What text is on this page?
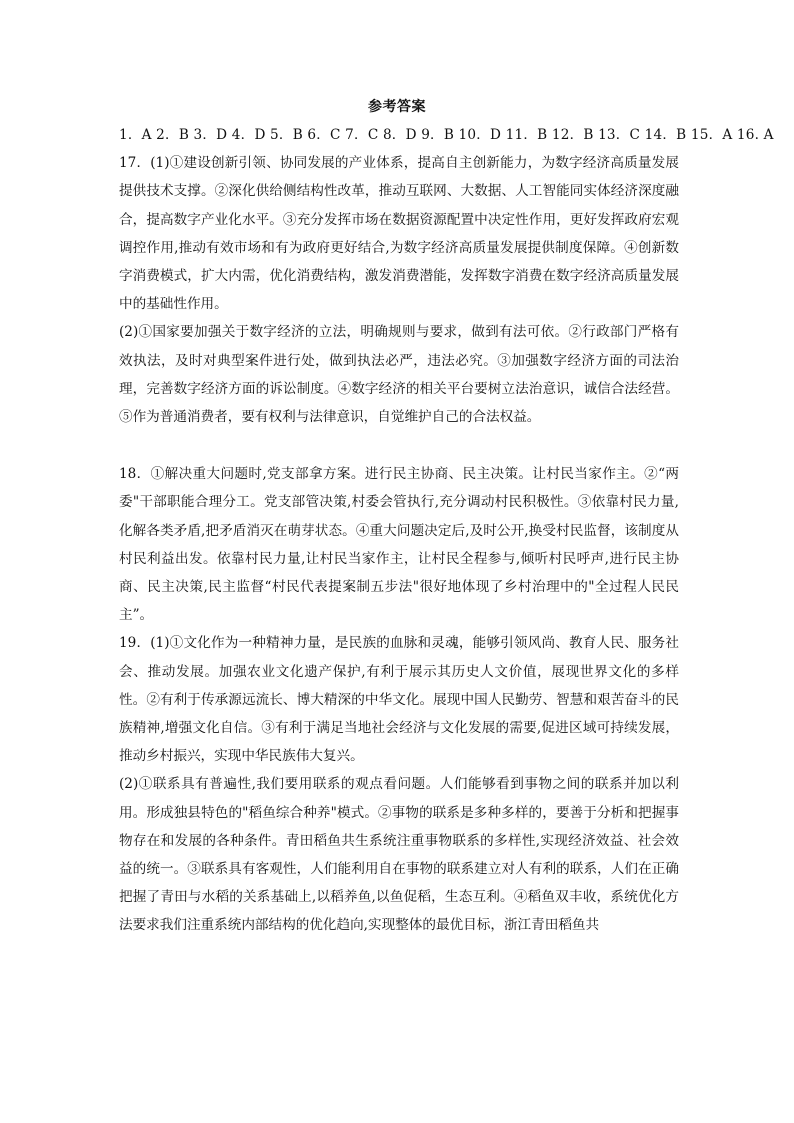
参考答案

1．A 2．B 3．D 4．D 5．B 6．C 7．C 8．D 9．B 10．D 11．B 12．B 13．C 14．B 15．A 16. A

17．(1)①建设创新引领、协同发展的产业体系，提高自主创新能力，为数字经济高质量发展提供技术支撑。②深化供给侧结构性改革，推动互联网、大数据、人工智能同实体经济深度融合，提高数字产业化水平。③充分发挥市场在数据资源配置中决定性作用，更好发挥政府宏观调控作用,推动有效市场和有为政府更好结合,为数字经济高质量发展提供制度保障。④创新数字消费模式，扩大内需，优化消费结构，激发消费潜能，发挥数字消费在数字经济高质量发展中的基础性作用。

(2)①国家要加强关于数字经济的立法，明确规则与要求，做到有法可依。②行政部门严格有效执法，及时对典型案件进行处，做到执法必严，违法必究。③加强数字经济方面的司法治理，完善数字经济方面的诉讼制度。④数字经济的相关平台要树立法治意识，诚信合法经营。⑤作为普通消费者，要有权利与法律意识，自觉维护自己的合法权益。

18．①解决重大问题时,党支部拿方案。进行民主协商、民主决策。让村民当家作主。②“两委"干部职能合理分工。党支部管决策,村委会管执行,充分调动村民积极性。③依靠村民力量,化解各类矛盾,把矛盾消灭在萌芽状态。④重大问题决定后,及时公开,换受村民监督，该制度从村民利益出发。依靠村民力量,让村民当家作主，让村民全程参与,倾听村民呼声,进行民主协商、民主决策,民主监督“村民代表提案制五步法"很好地体现了乡村治理中的"全过程人民民主”。

19．(1)①文化作为一种精神力量，是民族的血脉和灵魂，能够引领风尚、教育人民、服务社会、推动发展。加强农业文化遗产保护,有利于展示其历史人文价值，展现世界文化的多样性。②有利于传承源远流长、博大精深的中华文化。展现中国人民勤劳、智慧和艰苦奋斗的民族精神,增强文化自信。③有利于满足当地社会经济与文化发展的需要,促进区域可持续发展，推动乡村振兴，实现中华民族伟大复兴。

(2)①联系具有普遍性,我们要用联系的观点看问题。人们能够看到事物之间的联系并加以利用。形成独县特色的"稻鱼综合种养"模式。②事物的联系是多种多样的，要善于分析和把握事物存在和发展的各种条件。青田稻鱼共生系统注重事物联系的多样性,实现经济效益、社会效益的统一。③联系具有客观性，人们能利用自在事物的联系建立对人有利的联系，人们在正确把握了青田与水稻的关系基础上,以稻养鱼,以鱼促稻，生态互利。④稻鱼双丰收，系统优化方法要求我们注重系统内部结构的优化趋向,实现整体的最优目标，浙江青田稻鱼共
